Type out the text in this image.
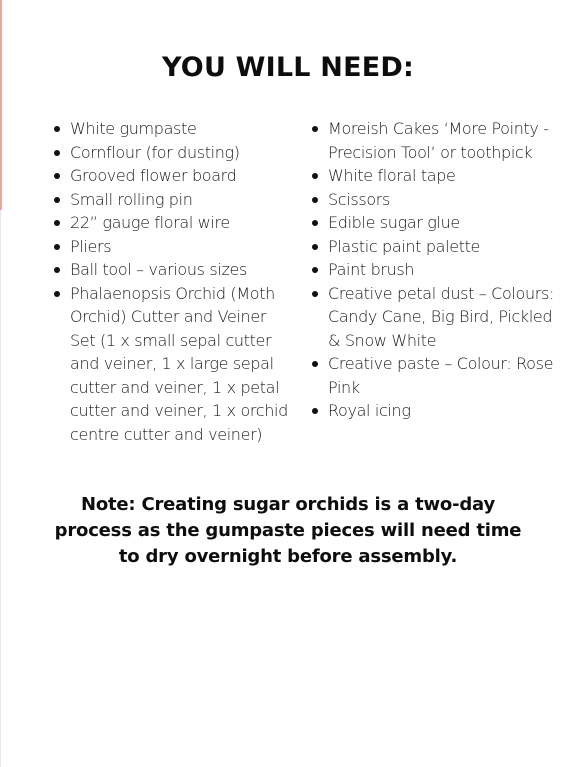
YOU WILL NEED:
White gumpaste
Cornflour (for dusting)
Grooved flower board
Small rolling pin
22” gauge floral wire
Pliers
Ball tool – various sizes
Phalaenopsis Orchid (Moth Orchid) Cutter and Veiner Set (1 x small sepal cutter and veiner, 1 x large sepal cutter and veiner, 1 x petal cutter and veiner, 1 x orchid centre cutter and veiner)
Moreish Cakes ‘More Pointy - Precision Tool’ or toothpick
White floral tape
Scissors
Edible sugar glue
Plastic paint palette
Paint brush
Creative petal dust – Colours: Candy Cane, Big Bird, Pickled & Snow White
Creative paste – Colour: Rose Pink
Royal icing

Note: Creating sugar orchids is a two-day process as the gumpaste pieces will need time to dry overnight before assembly.
